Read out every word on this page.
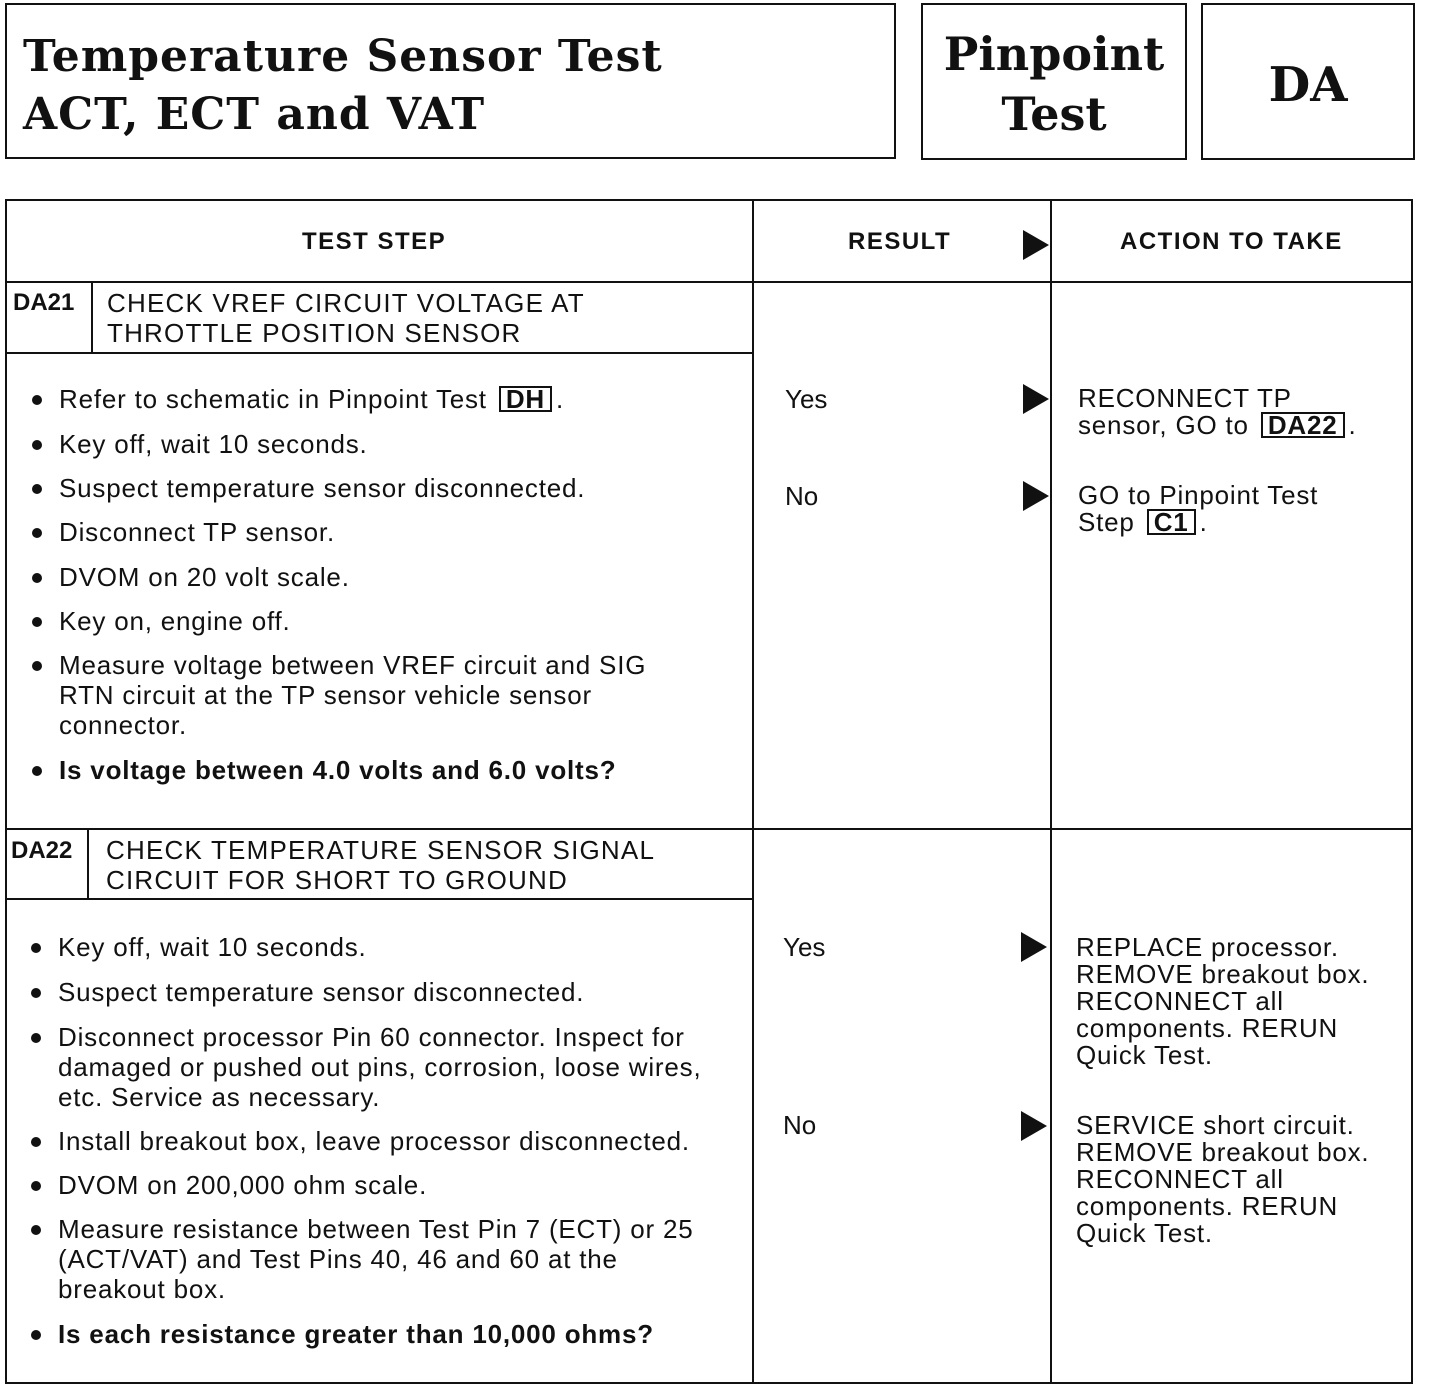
Temperature Sensor Test
ACT, ECT and VAT
Pinpoint
Test
DA
TEST STEP	RESULT	ACTION TO TAKE
DA21 CHECK VREF CIRCUIT VOLTAGE AT
THROTTLE POSITION SENSOR
Refer to schematic in Pinpoint Test DH .
Key off, wait 10 seconds.
Suspect temperature sensor disconnected.
Disconnect TP sensor.
DVOM on 20 volt scale.
Key on, engine off.
Measure voltage between VREF circuit and SIG RTN circuit at the TP sensor vehicle sensor connector.
Is voltage between 4.0 volts and 6.0 volts?
Yes	RECONNECT TP
sensor, GO to DA22 .
No	GO to Pinpoint Test
Step C1 .
DA22 CHECK TEMPERATURE SENSOR SIGNAL
CIRCUIT FOR SHORT TO GROUND
Key off, wait 10 seconds.
Suspect temperature sensor disconnected.
Disconnect processor Pin 60 connector. Inspect for damaged or pushed out pins, corrosion, loose wires, etc. Service as necessary.
Install breakout box, leave processor disconnected.
DVOM on 200,000 ohm scale.
Measure resistance between Test Pin 7 (ECT) or 25 (ACT/VAT) and Test Pins 40, 46 and 60 at the breakout box.
Is each resistance greater than 10,000 ohms?
Yes	REPLACE processor. REMOVE breakout box. RECONNECT all components. RERUN Quick Test.
No	SERVICE short circuit. REMOVE breakout box. RECONNECT all components. RERUN Quick Test.
